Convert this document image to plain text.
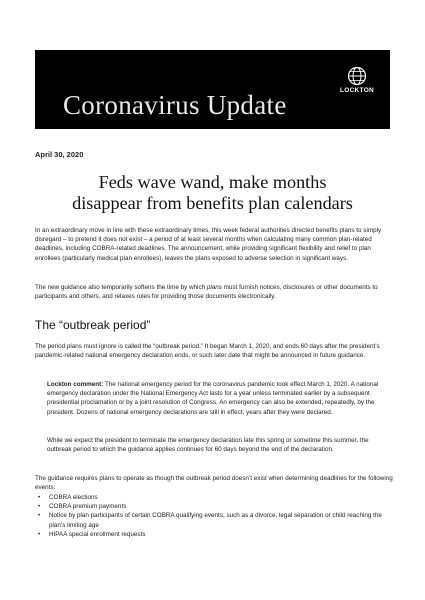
Coronavirus Update	LOCKTON
April 30, 2020
Feds wave wand, make months
disappear from benefits plan calendars

In an extraordinary move in line with these extraordinary times, this week federal authorities directed benefits plans to simply disregard – to pretend it does not exist – a period of at least several months when calculating many common plan-related deadlines, including COBRA-related deadlines. The announcement, while providing significant flexibility and relief to plan enrollees (particularly medical plan enrollees), leaves the plans exposed to adverse selection in significant ways.

The new guidance also temporarily softens the time by which plans must furnish notices, disclosures or other documents to participants and others, and relaxes rules for providing those documents electronically.

The “outbreak period”

The period plans must ignore is called the “outbreak period.” It began March 1, 2020, and ends 60 days after the president’s pandemic-related national emergency declaration ends, or such later date that might be announced in future guidance.

Lockton comment: The national emergency period for the coronavirus pandemic took effect March 1, 2020. A national emergency declaration under the National Emergency Act lasts for a year unless terminated earlier by a subsequent presidential proclamation or by a joint resolution of Congress. An emergency can also be extended, repeatedly, by the president. Dozens of national emergency declarations are still in effect, years after they were declared.

While we expect the president to terminate the emergency declaration late this spring or sometime this summer, the outbreak period to which the guidance applies continues for 60 days beyond the end of the declaration.

The guidance requires plans to operate as though the outbreak period doesn’t exist when determining deadlines for the following events:

• COBRA elections
• COBRA premium payments
• Notice by plan participants of certain COBRA qualifying events, such as a divorce, legal separation or child reaching the plan’s limiting age
• HIPAA special enrollment requests
